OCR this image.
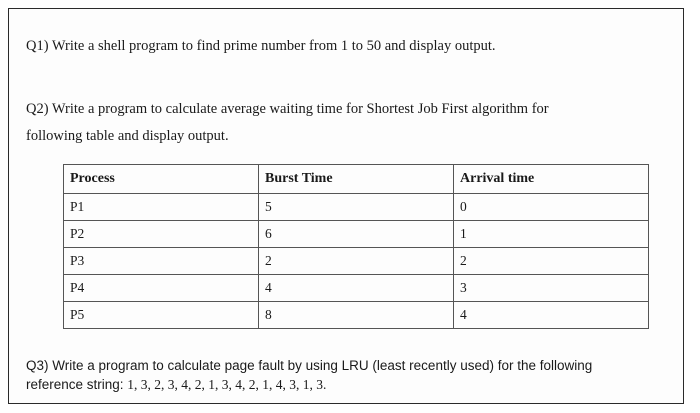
Q1) Write a shell program to find prime number from 1 to 50 and display output.
Q2) Write a program to calculate average waiting time for Shortest Job First algorithm for
following table and display output.
Process	Burst Time	Arrival time
P1	5	0
P2	6	1
P3	2	2
P4	4	3
P5	8	4
Q3) Write a program to calculate page fault by using LRU (least recently used) for the following
reference string: 1, 3, 2, 3, 4, 2, 1, 3, 4, 2, 1, 4, 3, 1, 3.
